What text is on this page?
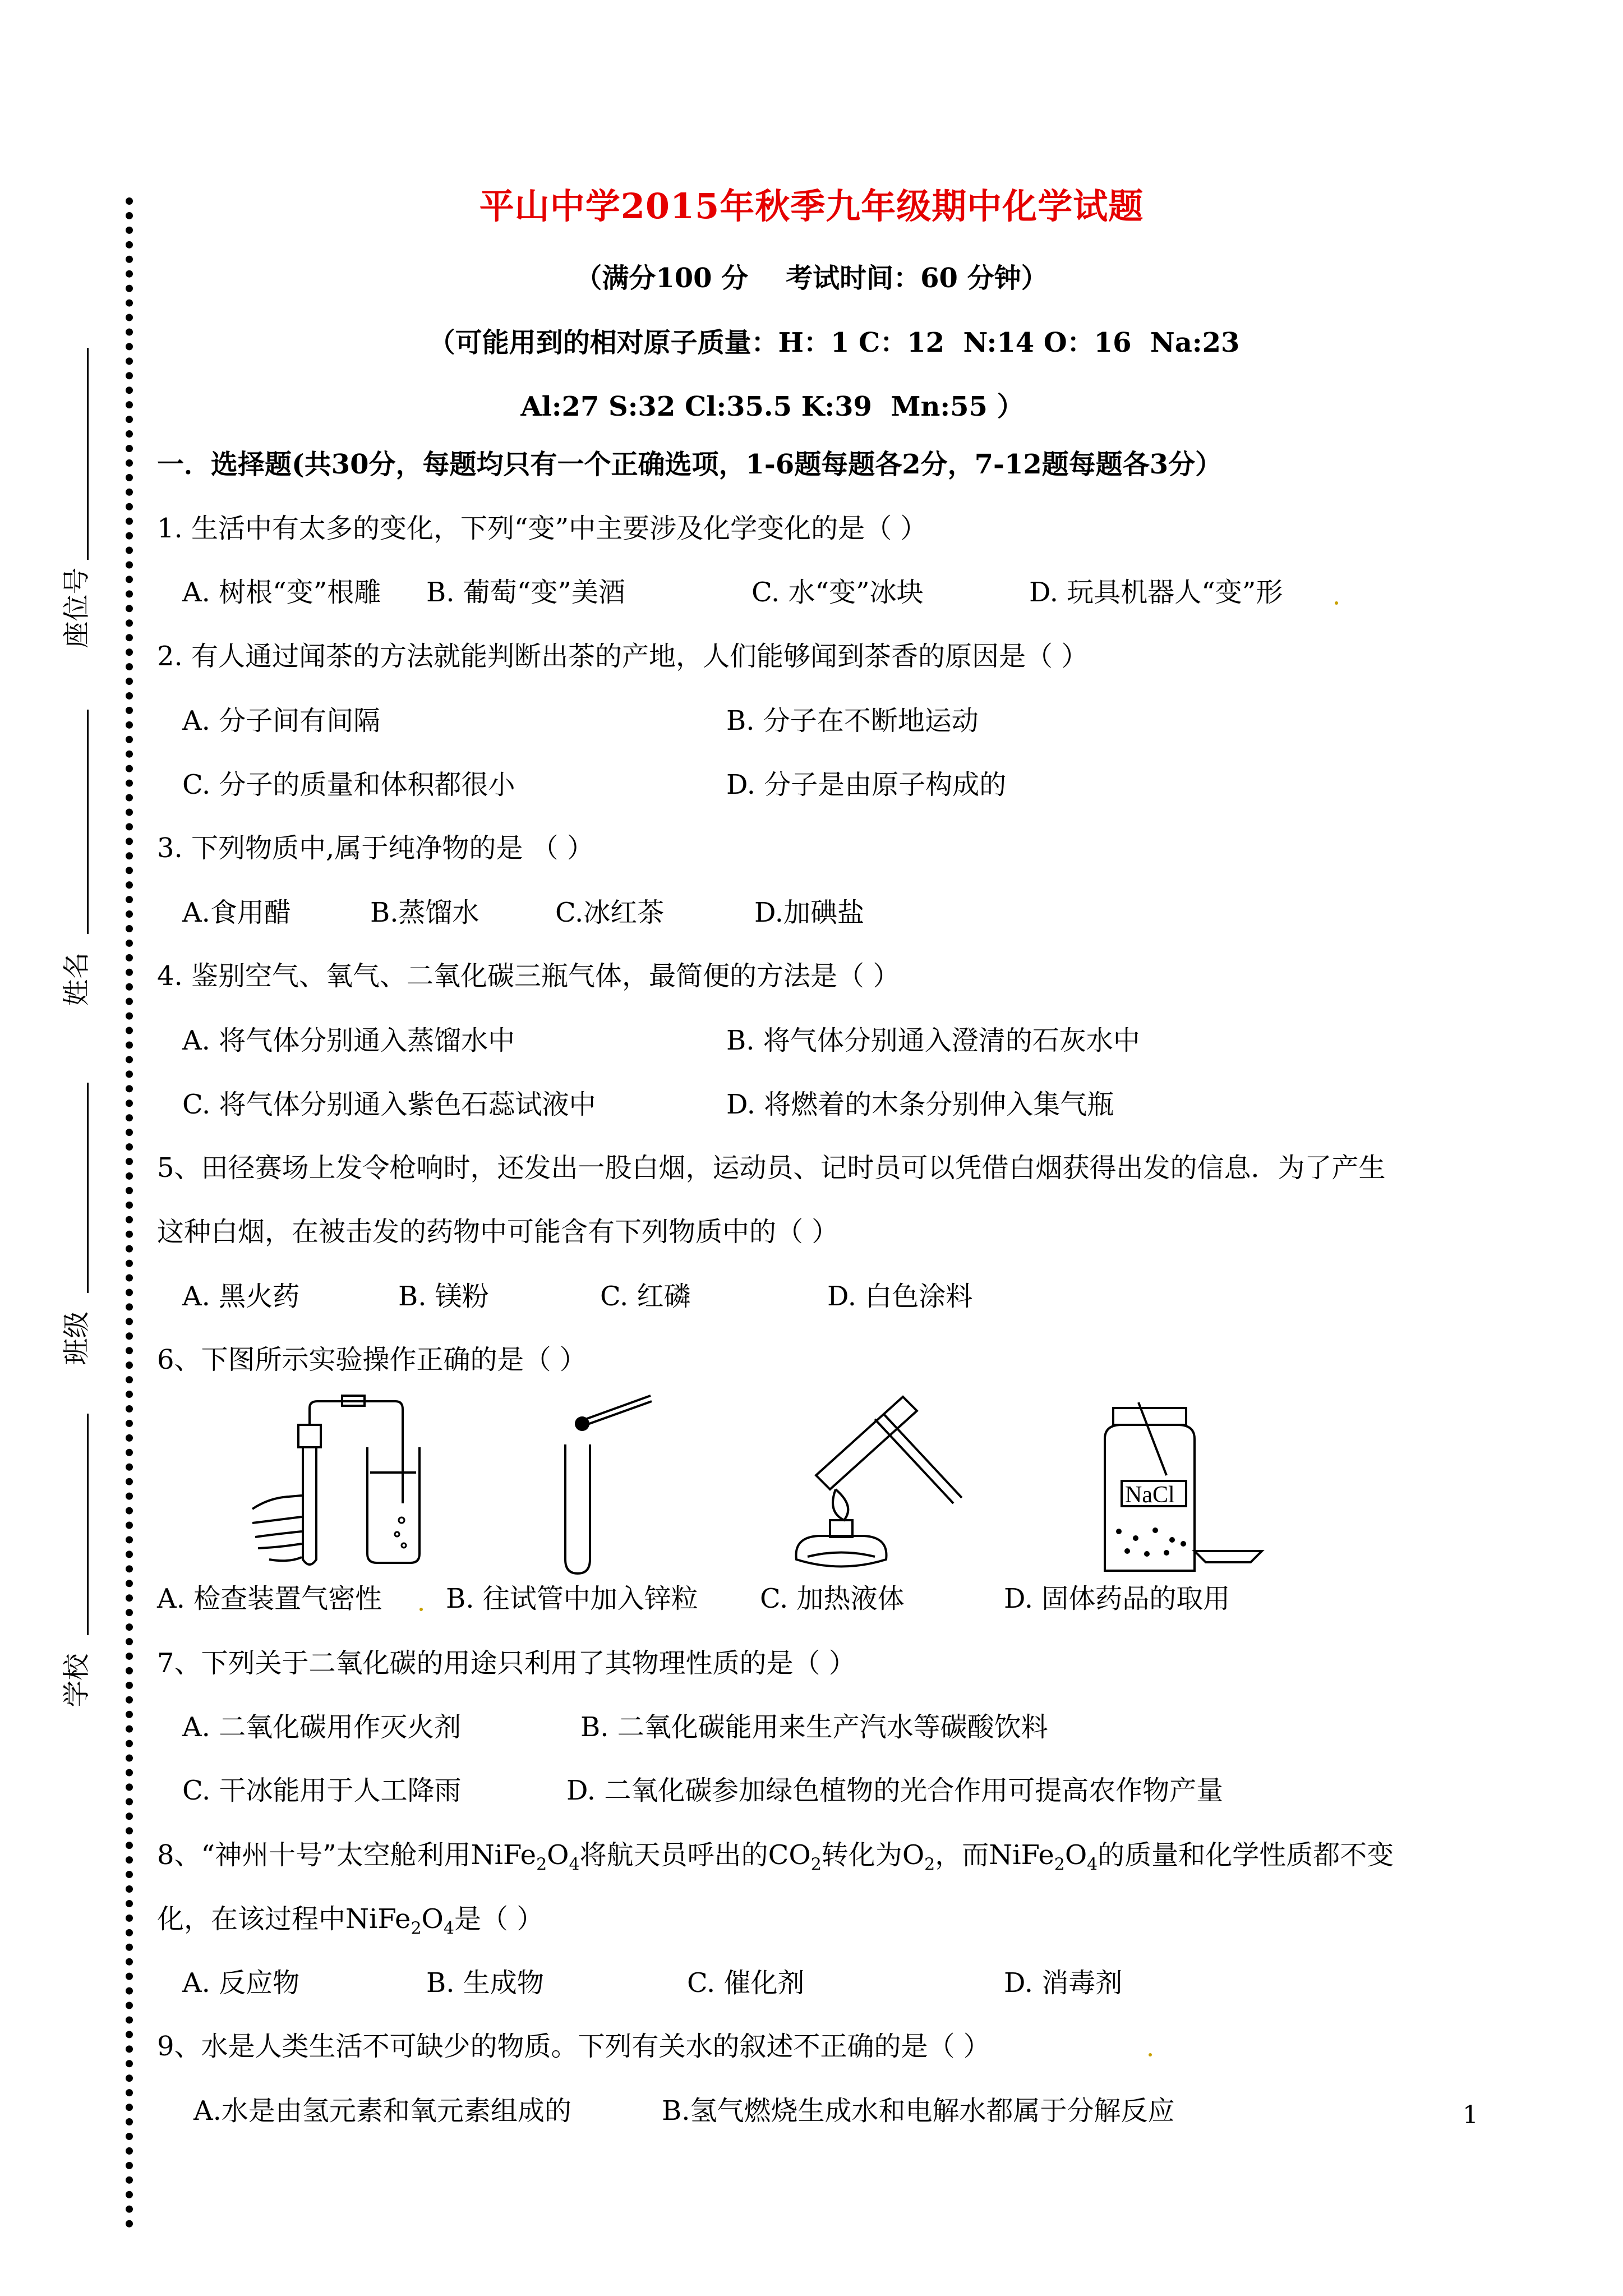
座位号
姓名
班级
学校
平山中学2015年秋季九年级期中化学试题
（满分100 分    考试时间：60 分钟）
（可能用到的相对原子质量：H：1 C：12  N:14 O：16  Na:23
Al:27 S:32 Cl:35.5 K:39  Mn:55 ）
一．选择题(共30分，每题均只有一个正确选项，1-6题每题各2分，7-12题每题各3分）
1. 生活中有太多的变化，下列“变”中主要涉及化学变化的是（ ）
A. 树根“变”根雕 B. 葡萄“变”美酒	C. 水“变”冰块	D. 玩具机器人“变”形
2. 有人通过闻茶的方法就能判断出茶的产地，人们能够闻到茶香的原因是（ ）
A. 分子间有间隔	B. 分子在不断地运动
C. 分子的质量和体积都很小	D. 分子是由原子构成的
3. 下列物质中,属于纯净物的是 （ ）
A.食用醋	B.蒸馏水	C.冰红茶	D.加碘盐
4. 鉴别空气、氧气、二氧化碳三瓶气体，最简便的方法是（ ）
A. 将气体分别通入蒸馏水中	B. 将气体分别通入澄清的石灰水中
C. 将气体分别通入紫色石蕊试液中	D. 将燃着的木条分别伸入集气瓶
5、田径赛场上发令枪响时，还发出一股白烟，运动员、记时员可以凭借白烟获得出发的信息．为了产生
这种白烟，在被击发的药物中可能含有下列物质中的（ ）
A. 黑火药	B. 镁粉	C. 红磷	D. 白色涂料
6、下图所示实验操作正确的是（ ）
NaCl
A. 检查装置气密性 B. 往试管中加入锌粒 C. 加热液体	D. 固体药品的取用
7、下列关于二氧化碳的用途只利用了其物理性质的是（ ）
A. 二氧化碳用作灭火剂	B. 二氧化碳能用来生产汽水等碳酸饮料
C. 干冰能用于人工降雨	D. 二氧化碳参加绿色植物的光合作用可提高农作物产量
8、“神州十号”太空舱利用$NiFe_2O_4$将航天员呼出的$CO_2$转化为$O_2$，而$NiFe_2O_4$的质量和化学性质都不变
化，在该过程中$NiFe_2O_4$是（ ）
A. 反应物	B. 生成物	C. 催化剂	D. 消毒剂
9、水是人类生活不可缺少的物质。下列有关水的叙述不正确的是（ ）
A.水是由氢元素和氧元素组成的	B.氢气燃烧生成水和电解水都属于分解反应	1
